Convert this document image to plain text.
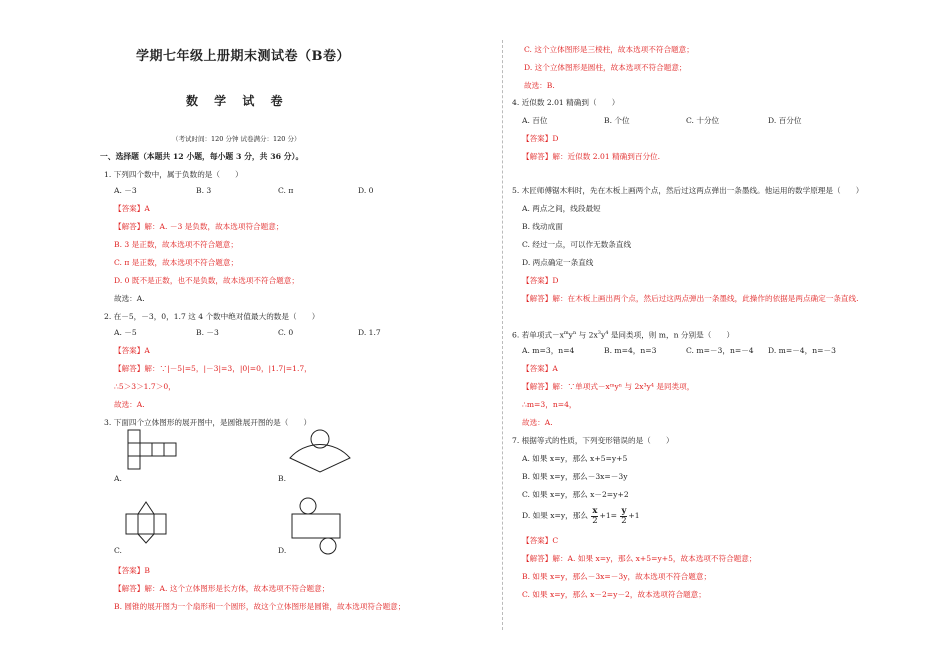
学期七年级上册期末测试卷（B卷）
数 学 试 卷
（考试时间：120 分钟 试卷满分：120 分）
一、选择题（本题共 12 小题，每小题 3 分，共 36 分）。
1. 下列四个数中，属于负数的是（　　）
A. －3	B. 3	C. π	D. 0
【答案】A
【解答】解：A. －3 是负数，故本选项符合题意；
B. 3 是正数，故本选项不符合题意；
C. π 是正数，故本选项不符合题意；
D. 0 既不是正数，也不是负数，故本选项不符合题意；
故选：A.
2. 在－5，－3，0，1.7 这 4 个数中绝对值最大的数是（　　）
A. －5	B. －3	C. 0	D. 1.7
【答案】A
【解答】解：∵|－5|=5，|－3|=3，|0|=0，|1.7|=1.7，
∴5＞3＞1.7＞0，
故选：A.
3. 下面四个立体图形的展开图中，是圆锥展开图的是（　　）
A.	B.
C.	D.
【答案】B
【解答】解：A. 这个立体图形是长方体，故本选项不符合题意；
B. 圆锥的展开图为一个扇形和一个圆形，故这个立体图形是圆锥，故本选项符合题意；
C. 这个立体图形是三棱柱，故本选项不符合题意；
D. 这个立体图形是圆柱，故本选项不符合题意；
故选：B.
4. 近似数 2.01 精确到（　　）
A. 百位	B. 个位	C. 十分位	D. 百分位
【答案】D
【解答】解：近似数 2.01 精确到百分位.
5. 木匠师傅锯木料时，先在木板上画两个点，然后过这两点弹出一条墨线。他运用的数学原理是（　　）
A. 两点之间，线段最短
B. 线动成面
C. 经过一点，可以作无数条直线
D. 两点确定一条直线
【答案】D
【解答】解：在木板上画出两个点，然后过这两点弹出一条墨线，此操作的依据是两点确定一条直线.
6. 若单项式$-x^my^n$ 与 $2x^3y^4$ 是同类项，则 m，n 分别是（　　）
A. m=3，n=4	B. m=4，n=3	C. m=－3，n=－4 D. m=－4，n=－3
【答案】A
【解答】解：∵单项式－xᵐyⁿ 与 2x³y⁴ 是同类项，
∴m=3，n=4，
故选：A.
7. 根据等式的性质，下列变形错误的是（　　）
A. 如果 x=y，那么 x+5=y+5
B. 如果 x=y，那么－3x=－3y
C. 如果 x=y，那么 x－2=y+2
D. 如果 x=y，那么 $\frac{x}{2} +1= \frac{y}{2} +1$
【答案】C
【解答】解：A. 如果 x=y，那么 x+5=y+5，故本选项不符合题意；
B. 如果 x=y，那么－3x=－3y，故本选项不符合题意；
C. 如果 x=y，那么 x－2=y－2，故本选项符合题意；
